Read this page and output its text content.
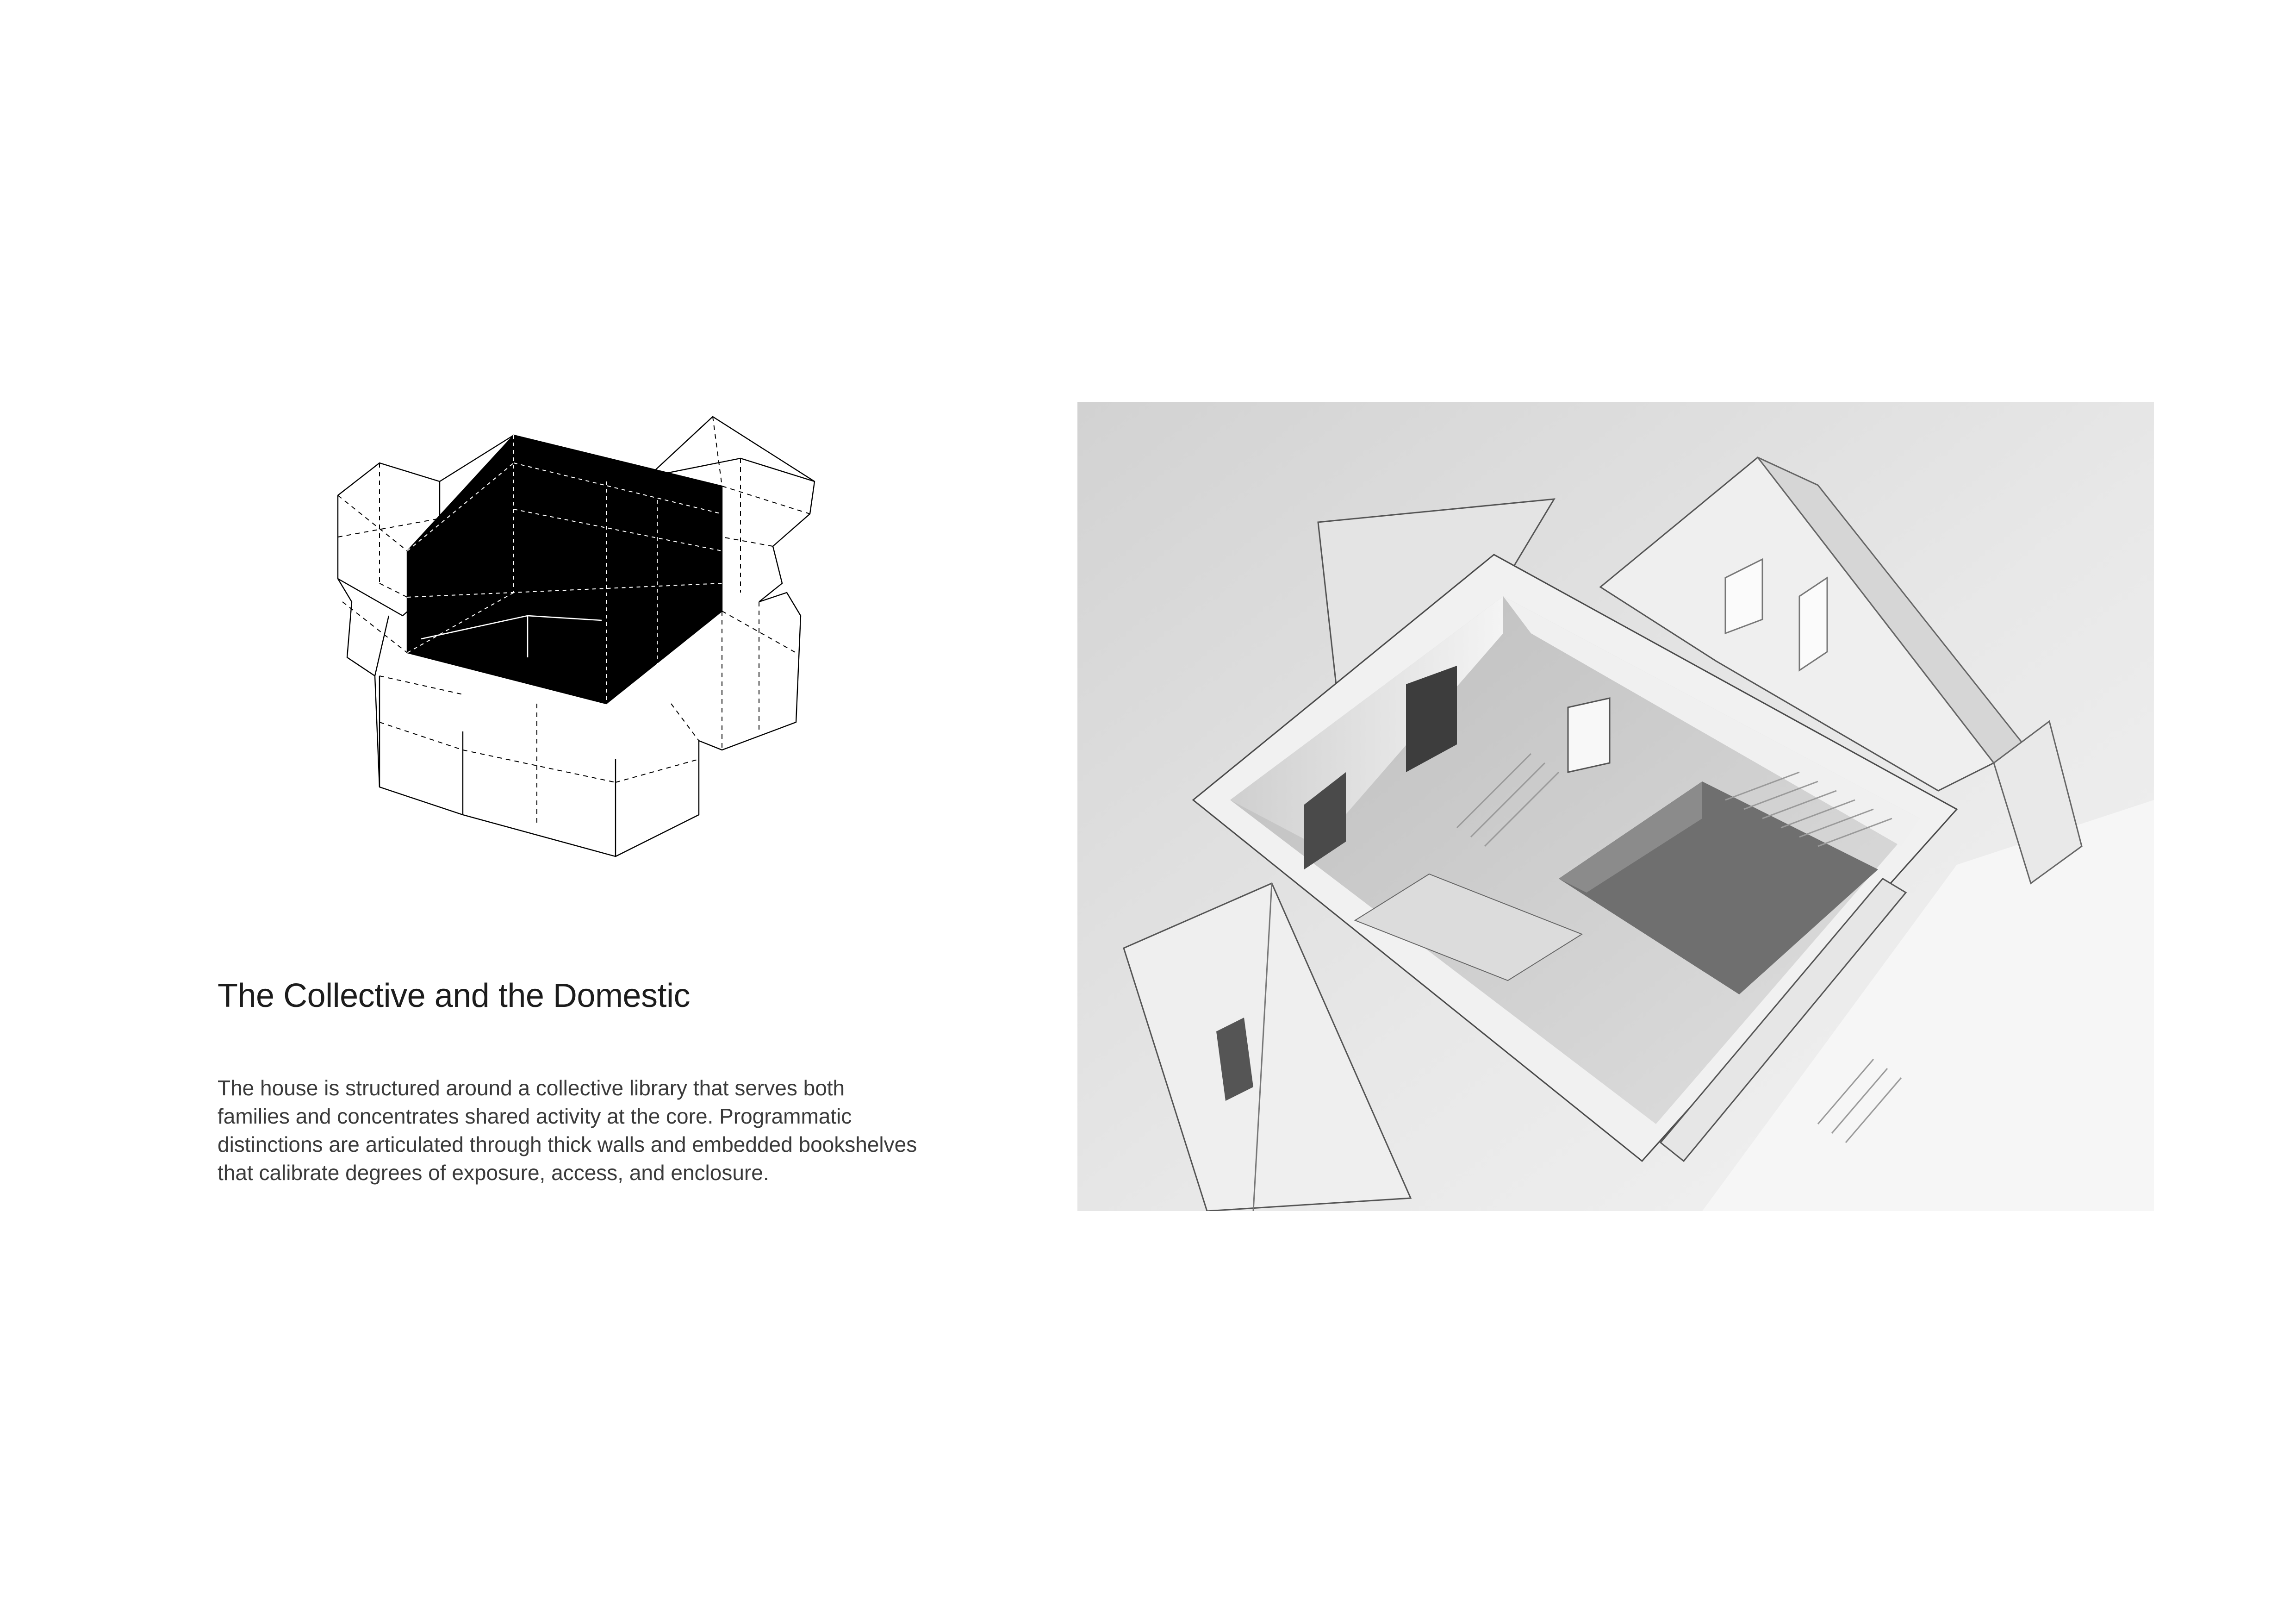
The Collective and the Domestic

The house is structured around a collective library that serves both families and concentrates shared activity at the core. Programmatic distinctions are articulated through thick walls and embedded bookshelves that calibrate degrees of exposure, access, and enclosure.
